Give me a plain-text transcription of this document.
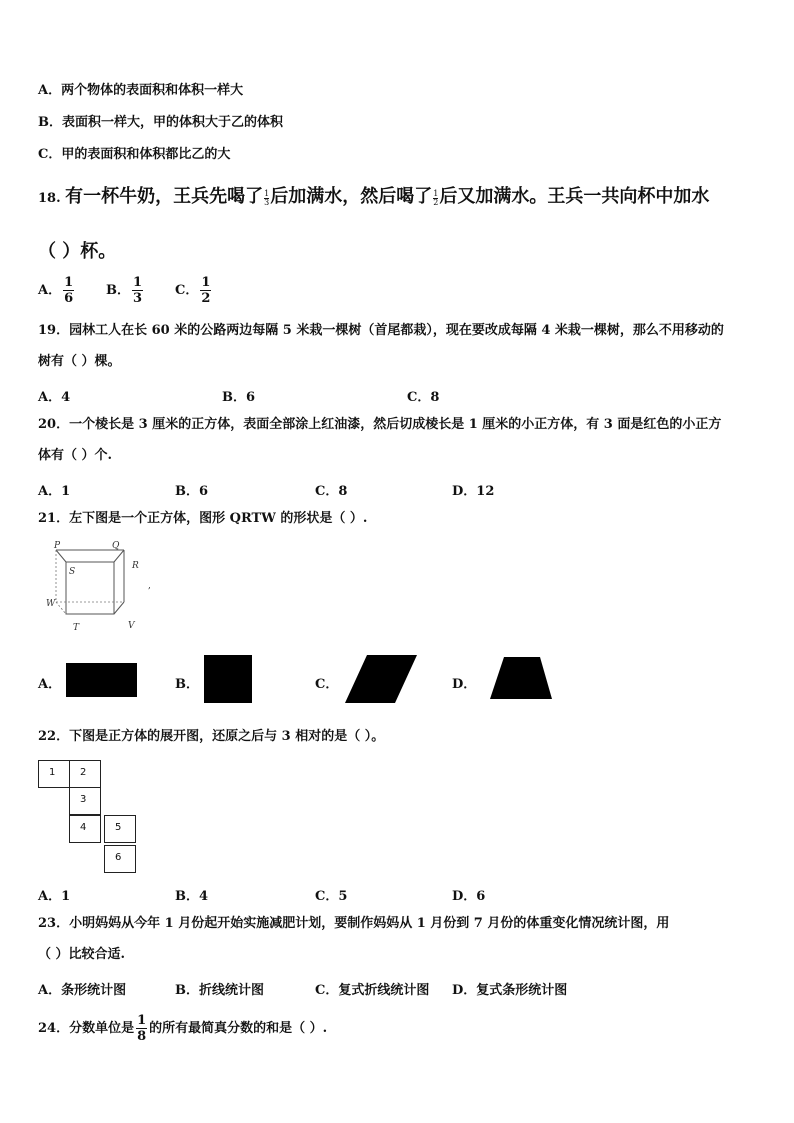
A．两个物体的表面积和体积一样大
B．表面积一样大，甲的体积大于乙的体积
C．甲的表面积和体积都比乙的大
18. 有一杯牛奶，王兵先喝了 $\frac{1}{3}$ 后加满水，然后喝了 $\frac{1}{2}$ 后又加满水。王兵一共向杯中加水
（ ）杯。
A． $\frac{1}{6}$ B． $\frac{1}{3}$ C． $\frac{1}{2}$
19．园林工人在长 60 米的公路两边每隔 5 米栽一棵树（首尾都栽），现在要改成每隔 4 米栽一棵树，那么不用移动的
树有（ ）棵。
A．4	B．6	C．8
20．一个棱长是 3 厘米的正方体，表面全部涂上红油漆，然后切成棱长是 1 厘米的小正方体，有 3 面是红色的小正方
体有（ ）个.
A．1	B．6	C．8	D．12
21．左下图是一个正方体，图形 QRTW 的形状是（ ）.
P	Q
R
S
W
T	V
,
A．	B．	C．	D．
22．下图是正方体的展开图，还原之后与 3 相对的是（ ）。
1	2
3
4	5
6
A．1	B．4	C．5	D．6
23．小明妈妈从今年 1 月份起开始实施减肥计划，要制作妈妈从 1 月份到 7 月份的体重变化情况统计图，用
（ ）比较合适.
A．条形统计图	B．折线统计图	C．复式折线统计图 D．复式条形统计图
24．分数单位是 $\frac{1}{8}$ 的所有最简真分数的和是（ ）.
